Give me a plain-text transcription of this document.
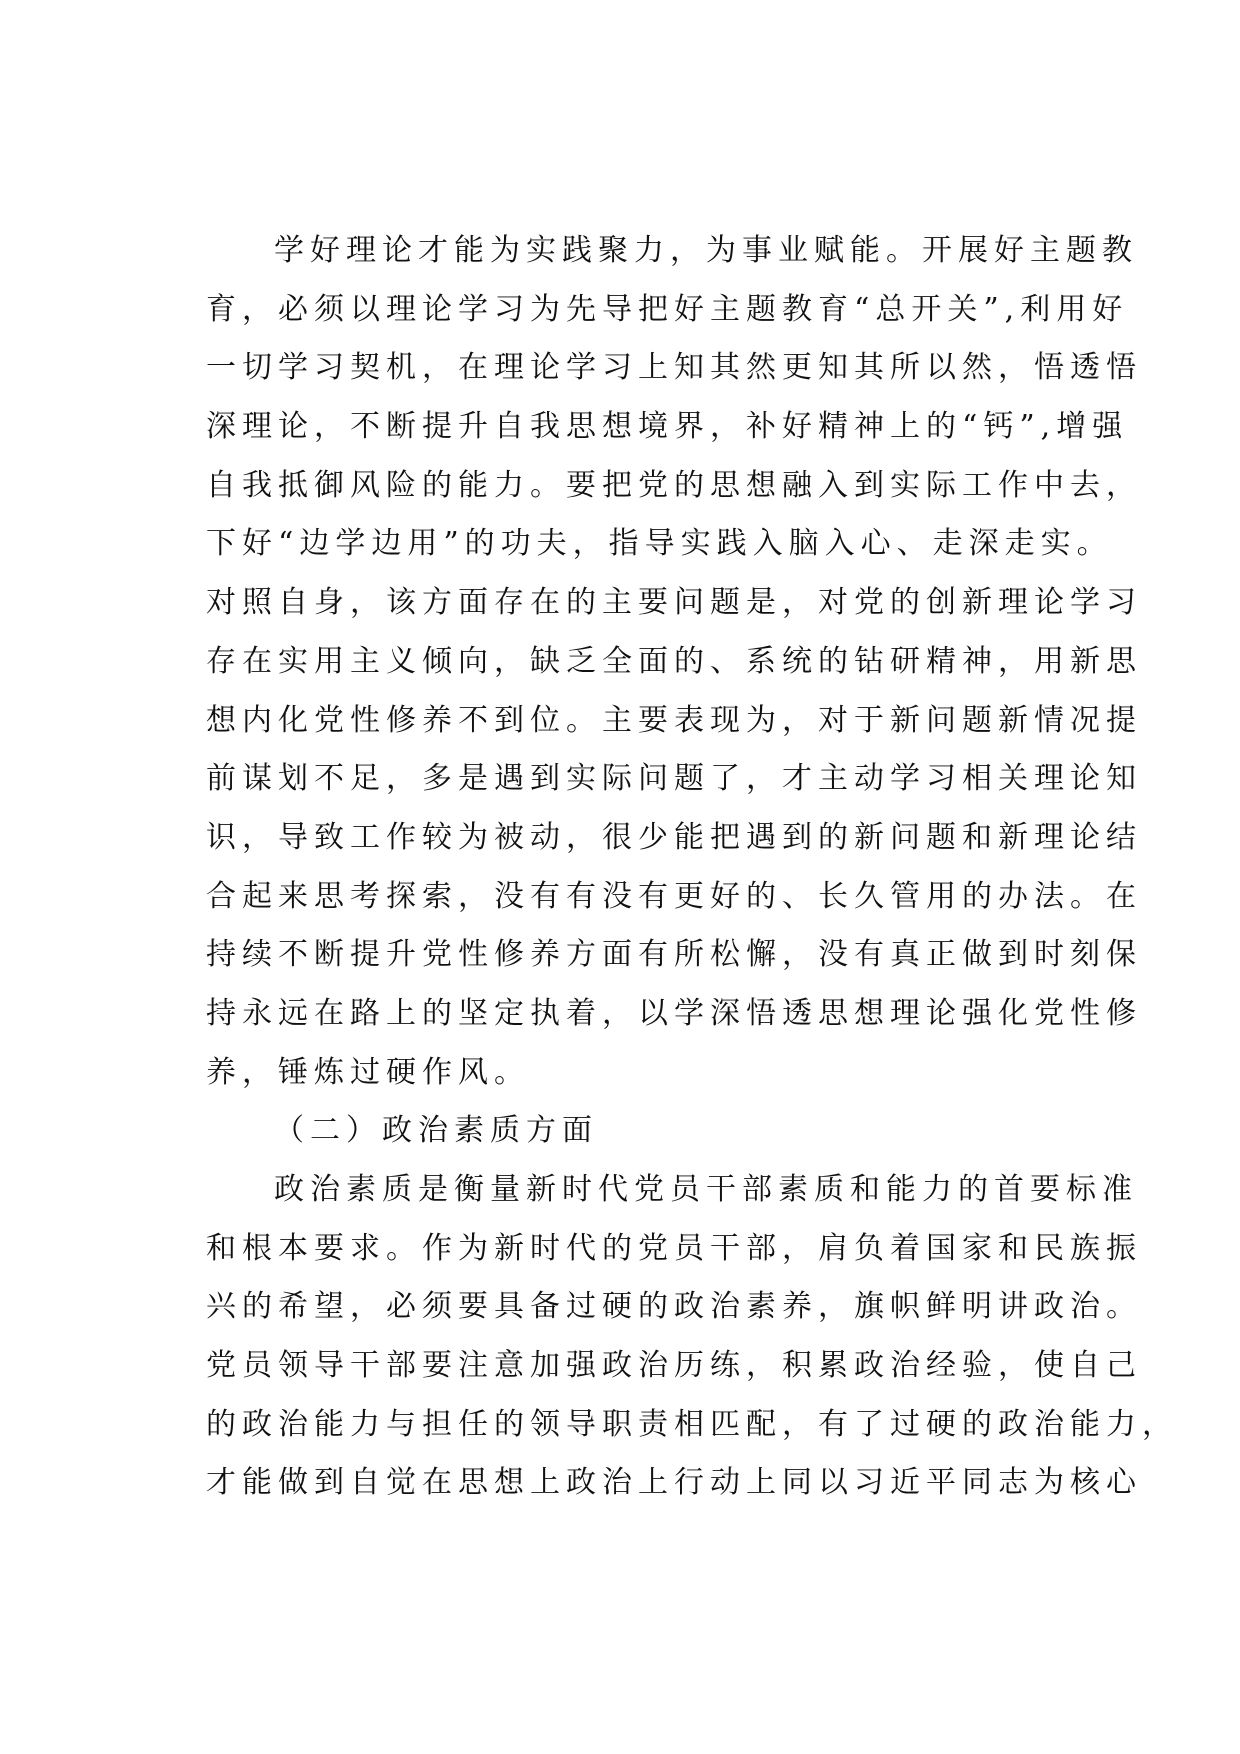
学好理论才能为实践聚力，为事业赋能。开展好主题教
育，必须以理论学习为先导把好主题教育“总开关”,利用好
一切学习契机，在理论学习上知其然更知其所以然，悟透悟
深理论，不断提升自我思想境界，补好精神上的“钙”,增强
自我抵御风险的能力。要把党的思想融入到实际工作中去，
下好“边学边用”的功夫，指导实践入脑入心、走深走实。
对照自身，该方面存在的主要问题是，对党的创新理论学习
存在实用主义倾向，缺乏全面的、系统的钻研精神，用新思
想内化党性修养不到位。主要表现为，对于新问题新情况提
前谋划不足，多是遇到实际问题了，才主动学习相关理论知
识，导致工作较为被动，很少能把遇到的新问题和新理论结
合起来思考探索，没有有没有更好的、长久管用的办法。在
持续不断提升党性修养方面有所松懈，没有真正做到时刻保
持永远在路上的坚定执着，以学深悟透思想理论强化党性修
养，锤炼过硬作风。
（二）政治素质方面
政治素质是衡量新时代党员干部素质和能力的首要标准
和根本要求。作为新时代的党员干部，肩负着国家和民族振
兴的希望，必须要具备过硬的政治素养，旗帜鲜明讲政治。
党员领导干部要注意加强政治历练，积累政治经验，使自己
的政治能力与担任的领导职责相匹配，有了过硬的政治能力，
才能做到自觉在思想上政治上行动上同以习近平同志为核心
